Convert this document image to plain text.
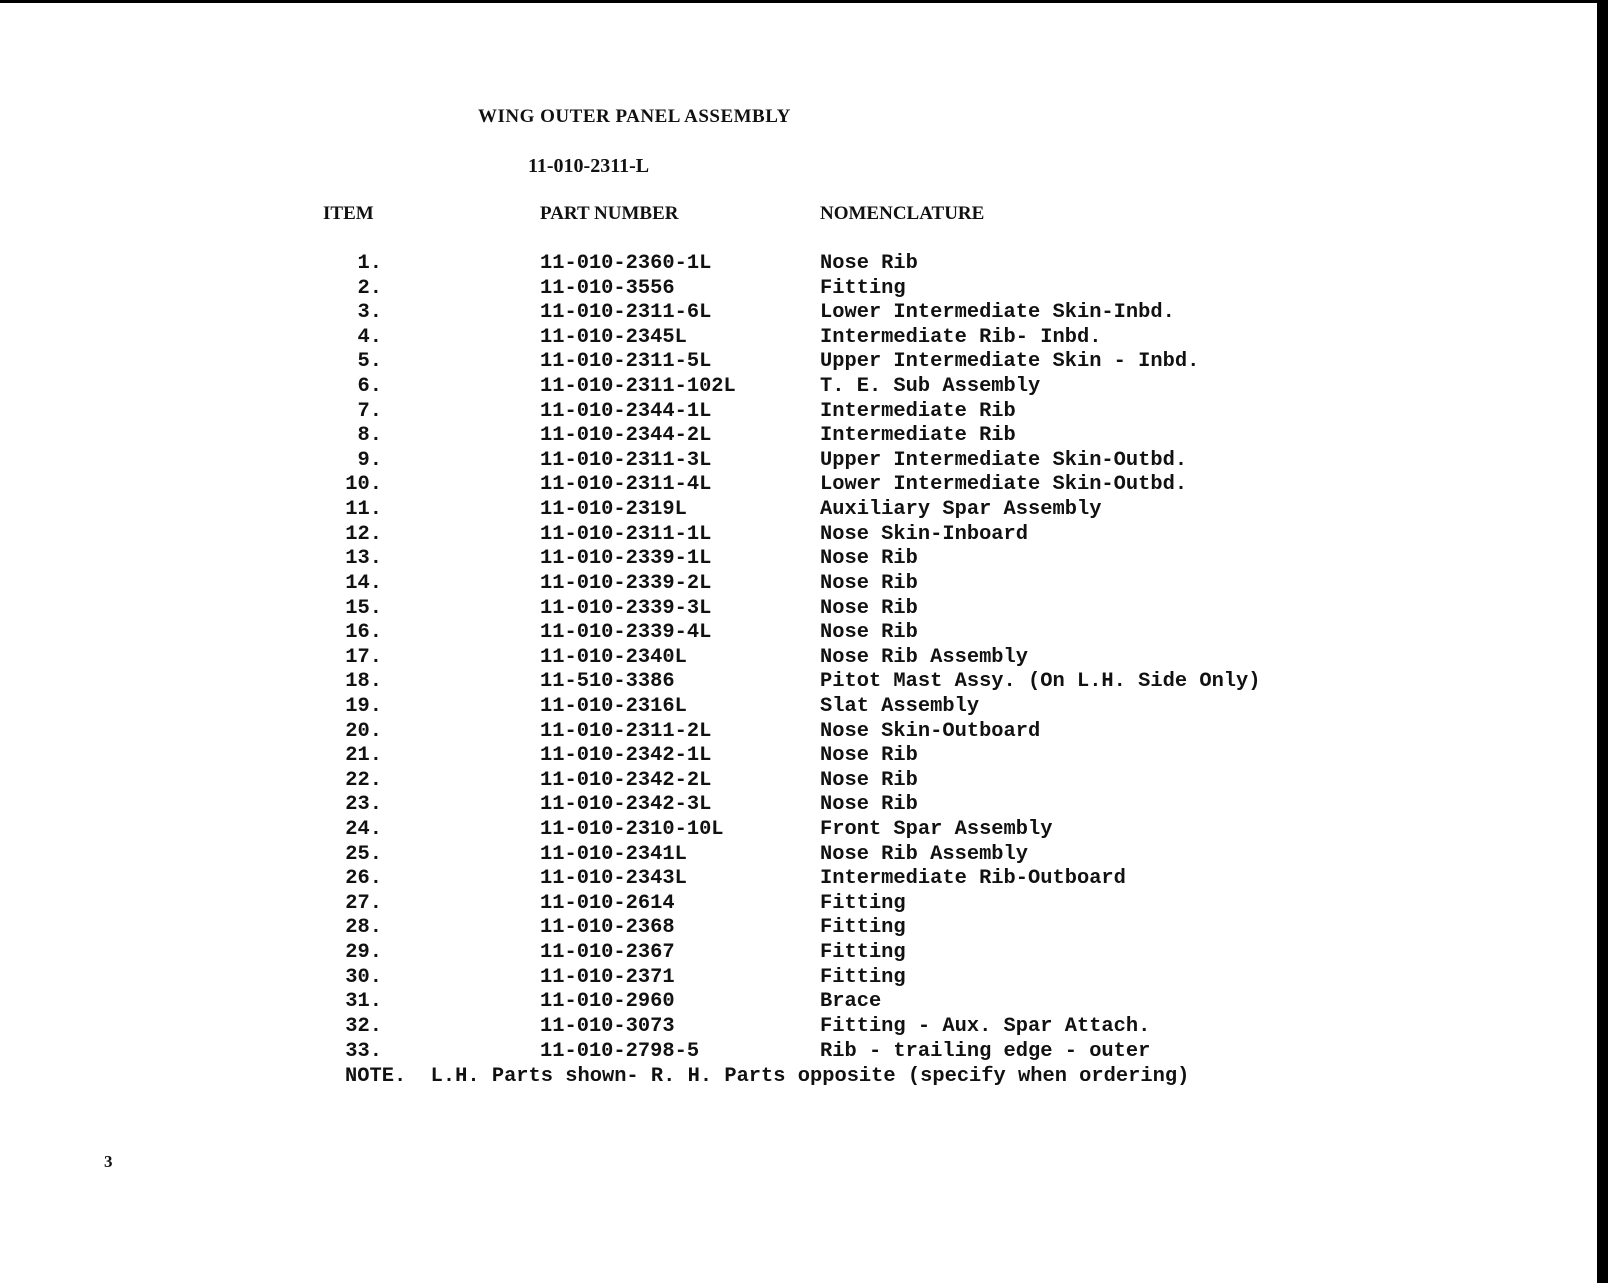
WING OUTER PANEL ASSEMBLY
11-010-2311-L
ITEM	PART NUMBER	NOMENCLATURE
1.	11-010-2360-1L	Nose Rib
2.	11-010-3556	Fitting
3.	11-010-2311-6L	Lower Intermediate Skin-Inbd.
4.	11-010-2345L	Intermediate Rib- Inbd.
5.	11-010-2311-5L	Upper Intermediate Skin - Inbd.
6.	11-010-2311-102L	T. E. Sub Assembly
7.	11-010-2344-1L	Intermediate Rib
8.	11-010-2344-2L	Intermediate Rib
9.	11-010-2311-3L	Upper Intermediate Skin-Outbd.
10.	11-010-2311-4L	Lower Intermediate Skin-Outbd.
11.	11-010-2319L	Auxiliary Spar Assembly
12.	11-010-2311-1L	Nose Skin-Inboard
13.	11-010-2339-1L	Nose Rib
14.	11-010-2339-2L	Nose Rib
15.	11-010-2339-3L	Nose Rib
16.	11-010-2339-4L	Nose Rib
17.	11-010-2340L	Nose Rib Assembly
18.	11-510-3386	Pitot Mast Assy. (On L.H. Side Only)
19.	11-010-2316L	Slat Assembly
20.	11-010-2311-2L	Nose Skin-Outboard
21.	11-010-2342-1L	Nose Rib
22.	11-010-2342-2L	Nose Rib
23.	11-010-2342-3L	Nose Rib
24.	11-010-2310-10L	Front Spar Assembly
25.	11-010-2341L	Nose Rib Assembly
26.	11-010-2343L	Intermediate Rib-Outboard
27.	11-010-2614	Fitting
28.	11-010-2368	Fitting
29.	11-010-2367	Fitting
30.	11-010-2371	Fitting
31.	11-010-2960	Brace
32.	11-010-3073	Fitting - Aux. Spar Attach.
33.	11-010-2798-5	Rib - trailing edge - outer
NOTE.  L.H. Parts shown- R. H. Parts opposite (specify when ordering)
3
